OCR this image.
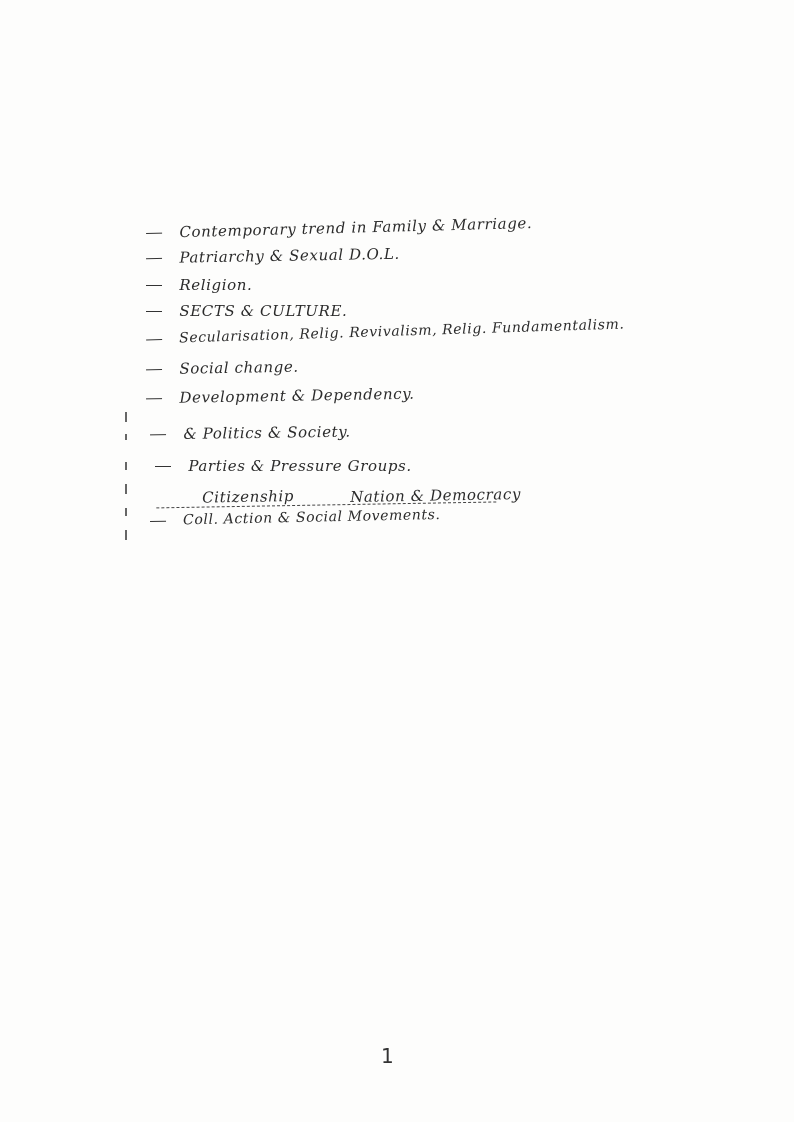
Contemporary trend in Family & Marriage.
Patriarchy & Sexual D.O.L.
Religion.
SECTS & CULTURE.
Secularisation, Relig. Revivalism, Relig. Fundamentalism.
Social change.
Development & Dependency.
& Politics & Society.
Parties & Pressure Groups.
Citizenship	Nation & Democracy
Coll. Action & Social Movements.
1
